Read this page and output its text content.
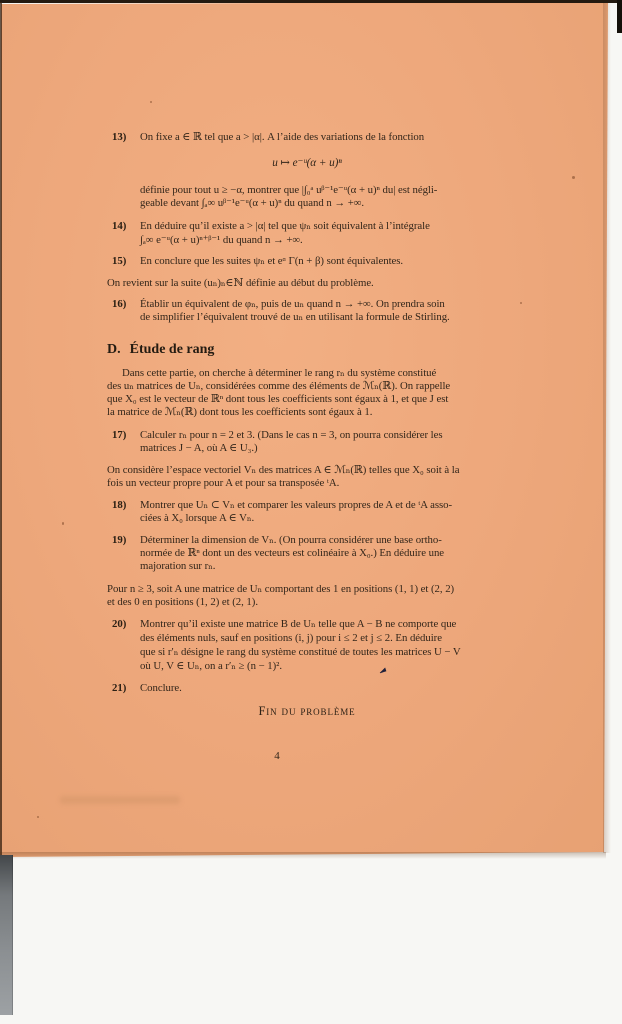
13) On fixe a ∈ ℝ tel que a > |α|. A l’aide des variations de la fonction
u ↦ e⁻ᵘ(α + u)ⁿ
définie pour tout u ≥ −α, montrer que |∫₀ᵃ uᵝ⁻¹e⁻ᵘ(α + u)ⁿ du| est négli-
geable devant ∫ₐ∞ uᵝ⁻¹e⁻ᵘ(α + u)ⁿ du quand n → +∞.
14) En déduire qu’il existe a > |α| tel que ψₙ soit équivalent à l’intégrale
∫ₐ∞ e⁻ᵘ(α + u)ⁿ⁺ᵝ⁻¹ du quand n → +∞.
15) En conclure que les suites ψₙ et eᵅ Γ(n + β) sont équivalentes.
On revient sur la suite (uₙ)ₙ∈ℕ définie au début du problème.
16) Établir un équivalent de φₙ, puis de uₙ quand n → +∞. On prendra soin
de simplifier l’équivalent trouvé de uₙ en utilisant la formule de Stirling.
D. Étude de rang
Dans cette partie, on cherche à déterminer le rang rₙ du système constitué
des uₙ matrices de Uₙ, considérées comme des éléments de ℳₙ(ℝ). On rappelle
que X₀ est le vecteur de ℝⁿ dont tous les coefficients sont égaux à 1, et que J est
la matrice de ℳₙ(ℝ) dont tous les coefficients sont égaux à 1.
17) Calculer rₙ pour n = 2 et 3. (Dans le cas n = 3, on pourra considérer les
matrices J − A, où A ∈ U₃.)
On considère l’espace vectoriel Vₙ des matrices A ∈ ℳₙ(ℝ) telles que X₀ soit à la
fois un vecteur propre pour A et pour sa transposée ᵗA.
18) Montrer que Uₙ ⊂ Vₙ et comparer les valeurs propres de A et de ᵗA asso-
ciées à X₀ lorsque A ∈ Vₙ.
19) Déterminer la dimension de Vₙ. (On pourra considérer une base ortho-
normée de ℝⁿ dont un des vecteurs est colinéaire à X₀.) En déduire une
majoration sur rₙ.
Pour n ≥ 3, soit A une matrice de Uₙ comportant des 1 en positions (1, 1) et (2, 2)
et des 0 en positions (1, 2) et (2, 1).
20) Montrer qu’il existe une matrice B de Uₙ telle que A − B ne comporte que
des éléments nuls, sauf en positions (i, j) pour i ≤ 2 et j ≤ 2. En déduire
que si r′ₙ désigne le rang du système constitué de toutes les matrices U − V
où U, V ∈ Uₙ, on a r′ₙ ≥ (n − 1)².
21) Conclure.
Fin du problème
4
